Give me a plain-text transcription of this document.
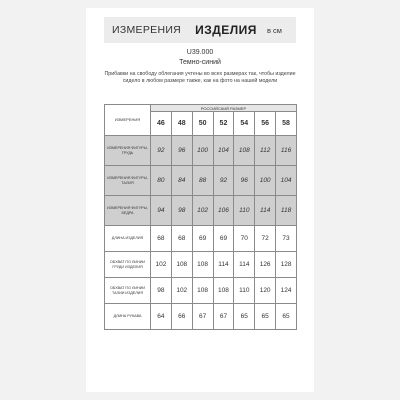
ИЗМЕРЕНИЯ ИЗДЕЛИЯ в см
U39.000
Темно-синий
Прибавки на свободу облегания учтены во всех размерах так, чтобы изделие сидело в любом размере также, как на фото на нашей модели
ИЗМЕРЕНИЯ	РОССИЙСКИЙ РАЗМЕР						
	46	48	50	52	54	56	58
ИЗМЕРЕНИЯ ФИГУРЫ, ГРУДЬ	92	96	100	104	108	112	116
ИЗМЕРЕНИЯ ФИГУРЫ, ТАЛИЯ	80	84	88	92	96	100	104
ИЗМЕРЕНИЯ ФИГУРЫ, БЁДРА	94	98	102	106	110	114	118
ДЛИНА ИЗДЕЛИЯ	68	68	69	69	70	72	73
ОБХВАТ ПО ЛИНИИ ГРУДИ ИЗДЕЛИЯ	102	108	108	114	114	126	128
ОБХВАТ ПО ЛИНИИ ТАЛИИ ИЗДЕЛИЯ	98	102	108	108	110	120	124
ДЛИНА РУКАВА	64	66	67	67	65	65	65
